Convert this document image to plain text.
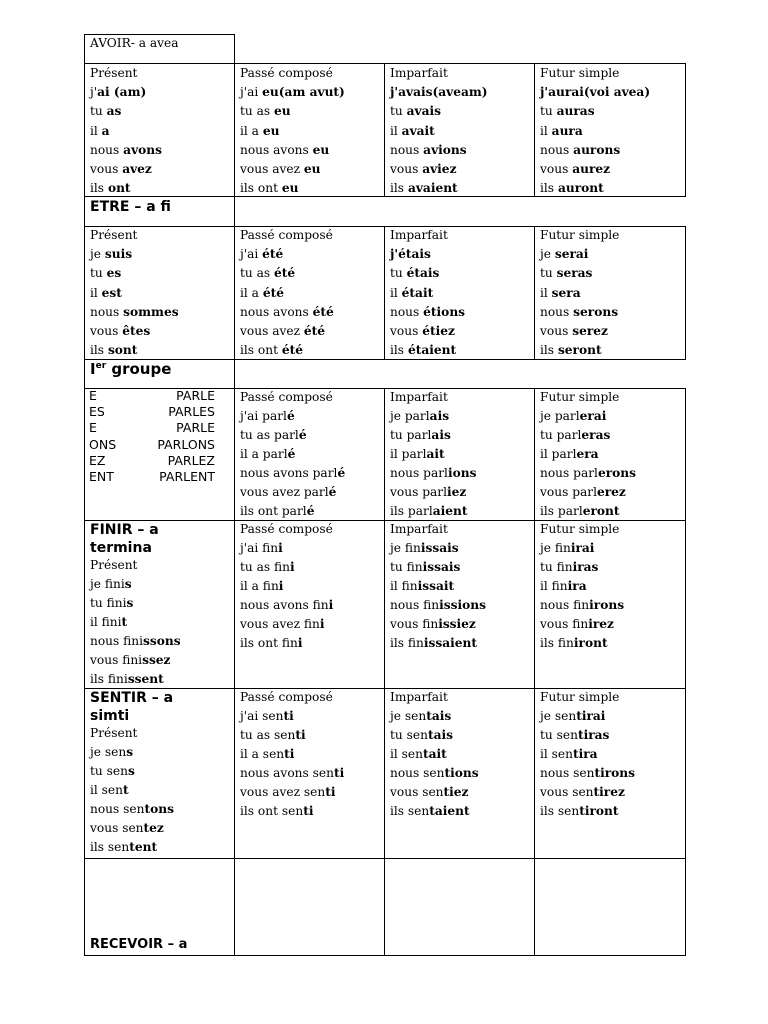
AVOIR- a avea
Présent
j'ai (am)
tu as
il a
nous avons
vous avez
ils ont
Passé composé
j'ai eu(am avut)
tu as eu
il a eu
nous avons eu
vous avez eu
ils ont eu
Imparfait
j'avais(aveam)
tu avais
il avait
nous avions
vous aviez
ils avaient
Futur simple
j'aurai(voi avea)
tu auras
il aura
nous aurons
vous aurez
ils auront
ETRE – a fi
Présent
je suis
tu es
il est
nous sommes
vous êtes
ils sont
Passé composé
j'ai été
tu as été
il a été
nous avons été
vous avez été
ils ont été
Imparfait
j'étais
tu étais
il était
nous étions
vous étiez
ils étaient
Futur simple
je serai
tu seras
il sera
nous serons
vous serez
ils seront
Ier groupe
E
ES
E
ONS
EZ
ENT
PARLE
PARLES
PARLE
PARLONS
PARLEZ
PARLENT
Passé composé
j'ai parlé
tu as parlé
il a parlé
nous avons parlé
vous avez parlé
ils ont parlé
Imparfait
je parlais
tu parlais
il parlait
nous parlions
vous parliez
ils parlaient
Futur simple
je parlerai
tu parleras
il parlera
nous parlerons
vous parlerez
ils parleront
FINIR – a
termina
Présent
je finis
tu finis
il finit
nous finissons
vous finissez
ils finissent
Passé composé
j'ai fini
tu as fini
il a fini
nous avons fini
vous avez fini
ils ont fini
Imparfait
je finissais
tu finissais
il finissait
nous finissions
vous finissiez
ils finissaient
Futur simple
je finirai
tu finiras
il finira
nous finirons
vous finirez
ils finiront
SENTIR – a
simti
Présent
je sens
tu sens
il sent
nous sentons
vous sentez
ils sentent
Passé composé
j'ai senti
tu as senti
il a senti
nous avons senti
vous avez senti
ils ont senti
Imparfait
je sentais
tu sentais
il sentait
nous sentions
vous sentiez
ils sentaient
Futur simple
je sentirai
tu sentiras
il sentira
nous sentirons
vous sentirez
ils sentiront
RECEVOIR – a
